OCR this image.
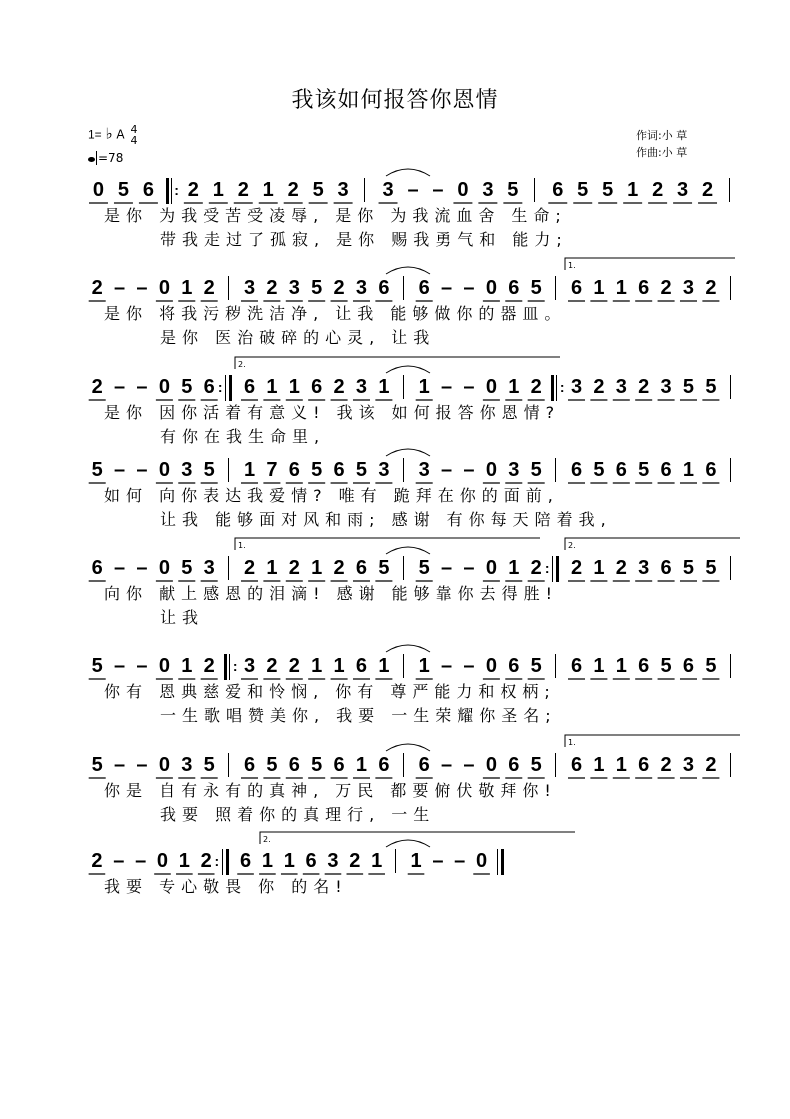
我该如何报答你恩情
1= ♭ A 4
4
=78
作词:小 草
作曲:小 草
0 5 6 : 2 1 2 1 2 5 3 3 – – 0 3 5 6 5 5 1 2 3 2
是你 为我受苦受凌辱, 是你 为我流血舍 生命;
带我走过了孤寂, 是你 赐我勇气和 能力;
2 – – 0 1 2 3 2 3 5 2 3 6 6 – – 0 6 5 6 1 1 6 2 3 2
是你 将我污秽洗洁净, 让我 能够做你的器皿。
是你 医治破碎的心灵, 让我
2 – – 0 5 6 : 6 1 1 6 2 3 1 1 – – 0 1 2 : 3 2 3 2 3 5 5
是你 因你活着有意义! 我该 如何报答你恩情?
有你在我生命里,
5 – – 0 3 5 1 7 6 5 6 5 3 3 – – 0 3 5 6 5 6 5 6 1 6
如何 向你表达我爱情? 唯有 跪拜在你的面前,
让我 能够面对风和雨; 感谢 有你每天陪着我,
6 – – 0 5 3 2 1 2 1 2 6 5 5 – – 0 1 2 : 2 1 2 3 6 5 5
向你 献上感恩的泪滴! 感谢 能够靠你去得胜!
让我
5 – – 0 1 2 : 3 2 2 1 1 6 1 1 – – 0 6 5 6 1 1 6 5 6 5
你有 恩典慈爱和怜悯, 你有 尊严能力和权柄;
一生歌唱赞美你, 我要 一生荣耀你圣名;
5 – – 0 3 5 6 5 6 5 6 1 6 6 – – 0 6 5 6 1 1 6 2 3 2
你是 自有永有的真神, 万民 都要俯伏敬拜你!
我要 照着你的真理行, 一生
2 – – 0 1 2 : 6 1 1 6 3 2 1 1 – – 0
我要 专心敬畏 你 的名!
1.
2.
1.	2.
1.
2.
